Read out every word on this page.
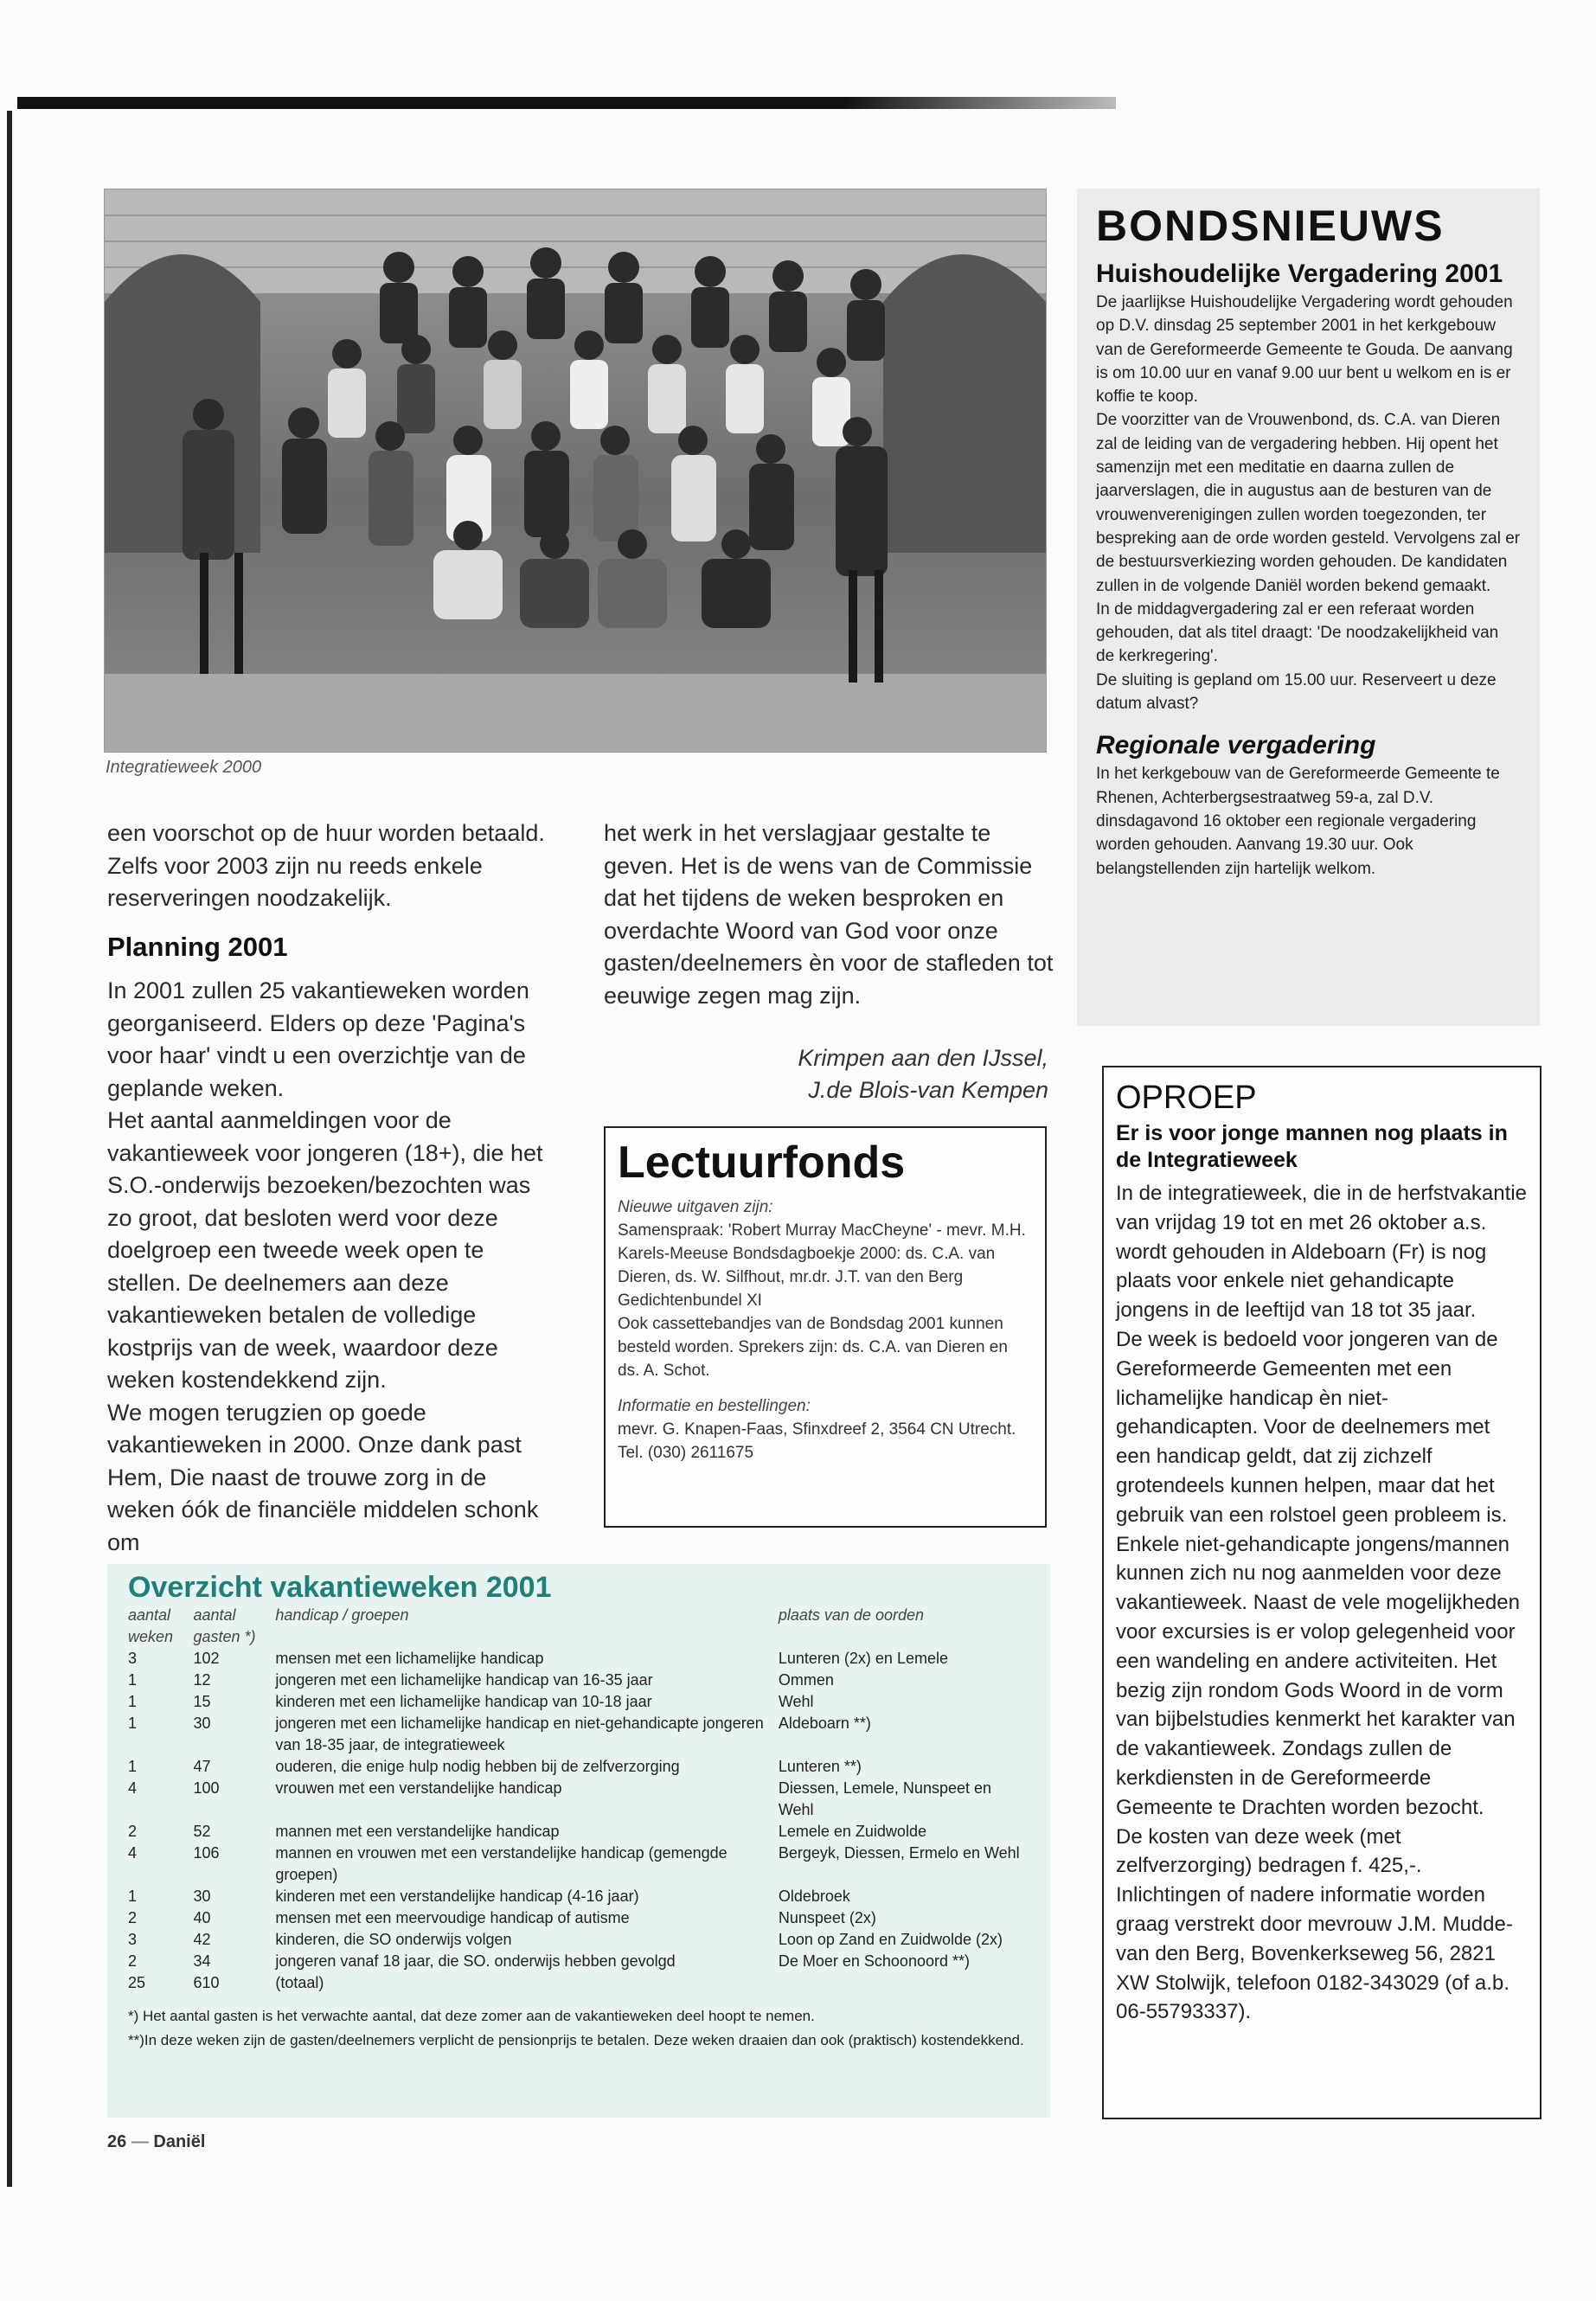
Integratieweek 2000

een voorschot op de huur worden betaald. Zelfs voor 2003 zijn nu reeds enkele reserveringen noodzakelijk.

Planning 2001

In 2001 zullen 25 vakantieweken worden georganiseerd. Elders op deze 'Pagina's voor haar' vindt u een overzichtje van de geplande weken.

Het aantal aanmeldingen voor de vakantieweek voor jongeren (18+), die het S.O.-onderwijs bezoeken/bezochten was zo groot, dat besloten werd voor deze doelgroep een tweede week open te stellen. De deelnemers aan deze vakantieweken betalen de volledige kostprijs van de week, waardoor deze weken kostendekkend zijn.

We mogen terugzien op goede vakantieweken in 2000. Onze dank past Hem, Die naast de trouwe zorg in de weken óók de financiële middelen schonk om

het werk in het verslagjaar gestalte te geven. Het is de wens van de Commissie dat het tijdens de weken besproken en overdachte Woord van God voor onze gasten/deelnemers èn voor de stafleden tot eeuwige zegen mag zijn.

Krimpen aan den IJssel,
J.de Blois-van Kempen
Lectuurfonds

Nieuwe uitgaven zijn:

Samenspraak: 'Robert Murray MacCheyne' - mevr. M.H. Karels-Meeuse Bondsdagboekje 2000: ds. C.A. van Dieren, ds. W. Silfhout, mr.dr. J.T. van den Berg Gedichtenbundel XI

Ook cassettebandjes van de Bondsdag 2001 kunnen besteld worden. Sprekers zijn: ds. C.A. van Dieren en ds. A. Schot.

Informatie en bestellingen:

mevr. G. Knapen-Faas, Sfinxdreef 2, 3564 CN Utrecht. Tel. (030) 2611675

BONDSNIEUWS
Huishoudelijke Vergadering 2001

De jaarlijkse Huishoudelijke Vergadering wordt gehouden op D.V. dinsdag 25 september 2001 in het kerkgebouw van de Gereformeerde Gemeente te Gouda. De aanvang is om 10.00 uur en vanaf 9.00 uur bent u welkom en is er koffie te koop.

De voorzitter van de Vrouwenbond, ds. C.A. van Dieren zal de leiding van de vergadering hebben. Hij opent het samenzijn met een meditatie en daarna zullen de jaarverslagen, die in augustus aan de besturen van de vrouwenverenigingen zullen worden toegezonden, ter bespreking aan de orde worden gesteld. Vervolgens zal er de bestuursverkiezing worden gehouden. De kandidaten zullen in de volgende Daniël worden bekend gemaakt.

In de middagvergadering zal er een referaat worden gehouden, dat als titel draagt: 'De noodzakelijkheid van de kerkregering'.

De sluiting is gepland om 15.00 uur. Reserveert u deze datum alvast?

Regionale vergadering

In het kerkgebouw van de Gereformeerde Gemeente te Rhenen, Achterbergsestraatweg 59-a, zal D.V. dinsdagavond 16 oktober een regionale vergadering worden gehouden. Aanvang 19.30 uur. Ook belangstellenden zijn hartelijk welkom.

OPROEP
Er is voor jonge mannen nog plaats in de Integratieweek

In de integratieweek, die in de herfstvakantie van vrijdag 19 tot en met 26 oktober a.s. wordt gehouden in Aldeboarn (Fr) is nog plaats voor enkele niet gehandicapte jongens in de leeftijd van 18 tot 35 jaar.

De week is bedoeld voor jongeren van de Gereformeerde Gemeenten met een lichamelijke handicap èn niet-gehandicapten. Voor de deelnemers met een handicap geldt, dat zij zichzelf grotendeels kunnen helpen, maar dat het gebruik van een rolstoel geen probleem is. Enkele niet-gehandicapte jongens/mannen kunnen zich nu nog aanmelden voor deze vakantieweek. Naast de vele mogelijkheden voor excursies is er volop gelegenheid voor een wandeling en andere activiteiten. Het bezig zijn rondom Gods Woord in de vorm van bijbelstudies kenmerkt het karakter van de vakantieweek. Zondags zullen de kerkdiensten in de Gereformeerde Gemeente te Drachten worden bezocht.

De kosten van deze week (met zelfverzorging) bedragen f. 425,-. Inlichtingen of nadere informatie worden graag verstrekt door mevrouw J.M. Mudde-van den Berg, Bovenkerkseweg 56, 2821 XW Stolwijk, telefoon 0182-343029 (of a.b. 06-55793337).

Overzicht vakantieweken 2001
aantal weken	aantal gasten *)	handicap / groepen	plaats van de oorden
3	102	mensen met een lichamelijke handicap	Lunteren (2x) en Lemele
1	12	jongeren met een lichamelijke handicap van 16-35 jaar	Ommen
1	15	kinderen met een lichamelijke handicap van 10-18 jaar	Wehl
1	30	jongeren met een lichamelijke handicap en niet-gehandicapte jongeren van 18-35 jaar, de integratieweek	Aldeboarn **)
1	47	ouderen, die enige hulp nodig hebben bij de zelfverzorging	Lunteren **)
4	100	vrouwen met een verstandelijke handicap	Diessen, Lemele, Nunspeet en Wehl
2	52	mannen met een verstandelijke handicap	Lemele en Zuidwolde
4	106	mannen en vrouwen met een verstandelijke handicap (gemengde groepen)	Bergeyk, Diessen, Ermelo en Wehl
1	30	kinderen met een verstandelijke handicap (4-16 jaar)	Oldebroek
2	40	mensen met een meervoudige handicap of autisme	Nunspeet (2x)
3	42	kinderen, die SO onderwijs volgen	Loon op Zand en Zuidwolde (2x)
2	34	jongeren vanaf 18 jaar, die SO. onderwijs hebben gevolgd	De Moer en Schoonoord **)
25	610	(totaal)	
*) Het aantal gasten is het verwachte aantal, dat deze zomer aan de vakantieweken deel hoopt te nemen.
**)In deze weken zijn de gasten/deelnemers verplicht de pensionprijs te betalen. Deze weken draaien dan ook (praktisch) kostendekkend.
26 — Daniël
